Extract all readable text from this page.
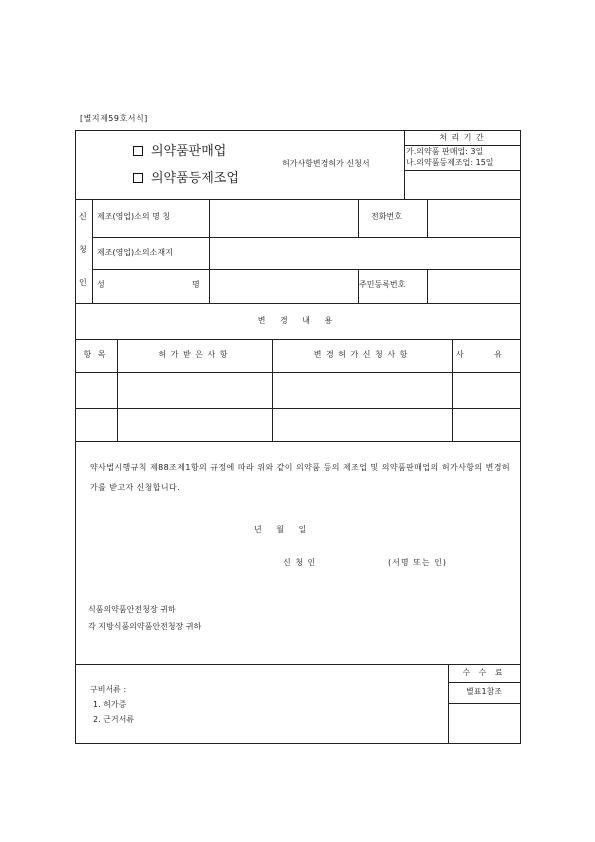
[별지제59호서식]
의약품판매업
의약품등제조업
허가사항변경허가 신청서
처 리 기 간
가.의약품 판매업: 3일
나.의약품등제조업: 15일
신
청
인
제조(영업)소의 명 칭	전화번호
제조(영업)소의소재지
성	명	주민등록번호
변 경 내 용
항 목	허 가 받 은 사 항	변 경 허 가 신 청 사 항	사 유
약사법시행규칙 제88조제1항의 규정에 따라 위와 같이 의약품 등의 제조업 및 의약품판매업의 허가사항의 변경허가를 받고자 신청합니다.
년 월 일
신 청 인	(서명 또는 인)
식품의약품안전청장 귀하
각 지방식품의약품안전청장 귀하
구비서류 :
1. 허가증
2. 근거서류
수 수 료
별표1참조
